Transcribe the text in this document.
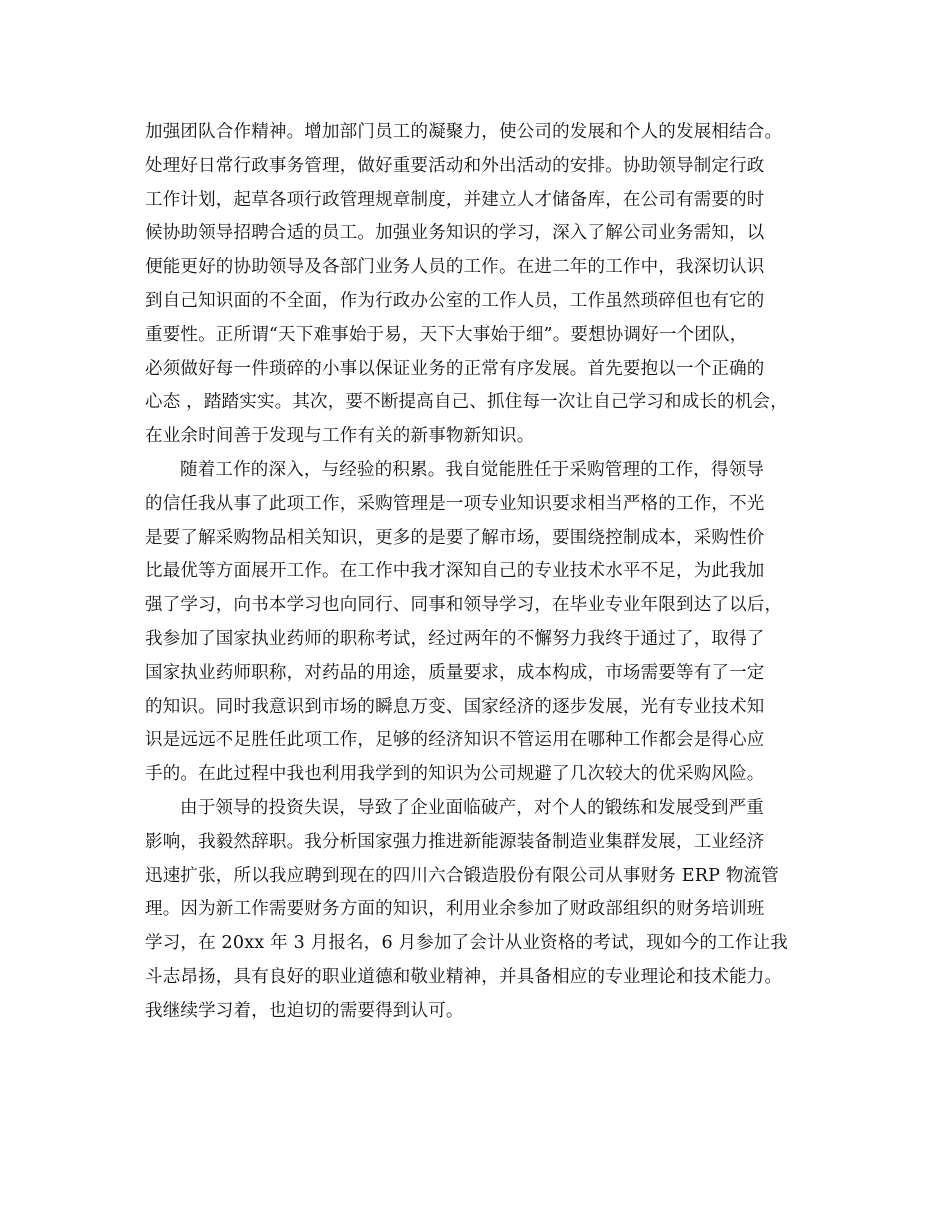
加强团队合作精神。增加部门员工的凝聚力，使公司的发展和个人的发展相结合。
处理好日常行政事务管理，做好重要活动和外出活动的安排。协助领导制定行政
工作计划，起草各项行政管理规章制度，并建立人才储备库，在公司有需要的时
候协助领导招聘合适的员工。加强业务知识的学习，深入了解公司业务需知，以
便能更好的协助领导及各部门业务人员的工作。在进二年的工作中，我深切认识
到自己知识面的不全面，作为行政办公室的工作人员，工作虽然琐碎但也有它的
重要性。正所谓“天下难事始于易，天下大事始于细”。要想协调好一个团队，
必须做好每一件琐碎的小事以保证业务的正常有序发展。首先要抱以一个正确的
心态 ，踏踏实实。其次，要不断提高自己、抓住每一次让自己学习和成长的机会，
在业余时间善于发现与工作有关的新事物新知识。
随着工作的深入，与经验的积累。我自觉能胜任于采购管理的工作，得领导
的信任我从事了此项工作，采购管理是一项专业知识要求相当严格的工作，不光
是要了解采购物品相关知识，更多的是要了解市场，要围绕控制成本，采购性价
比最优等方面展开工作。在工作中我才深知自己的专业技术水平不足，为此我加
强了学习，向书本学习也向同行、同事和领导学习，在毕业专业年限到达了以后，
我参加了国家执业药师的职称考试，经过两年的不懈努力我终于通过了，取得了
国家执业药师职称，对药品的用途，质量要求，成本构成，市场需要等有了一定
的知识。同时我意识到市场的瞬息万变、国家经济的逐步发展，光有专业技术知
识是远远不足胜任此项工作，足够的经济知识不管运用在哪种工作都会是得心应
手的。在此过程中我也利用我学到的知识为公司规避了几次较大的优采购风险。
由于领导的投资失误，导致了企业面临破产，对个人的锻练和发展受到严重
影响，我毅然辞职。我分析国家强力推进新能源装备制造业集群发展，工业经济
迅速扩张，所以我应聘到现在的四川六合锻造股份有限公司从事财务 ERP 物流管
理。因为新工作需要财务方面的知识，利用业余参加了财政部组织的财务培训班
学习，在 20xx 年 3 月报名，6 月参加了会计从业资格的考试，现如今的工作让我
斗志昂扬，具有良好的职业道德和敬业精神，并具备相应的专业理论和技术能力。
我继续学习着，也迫切的需要得到认可。
